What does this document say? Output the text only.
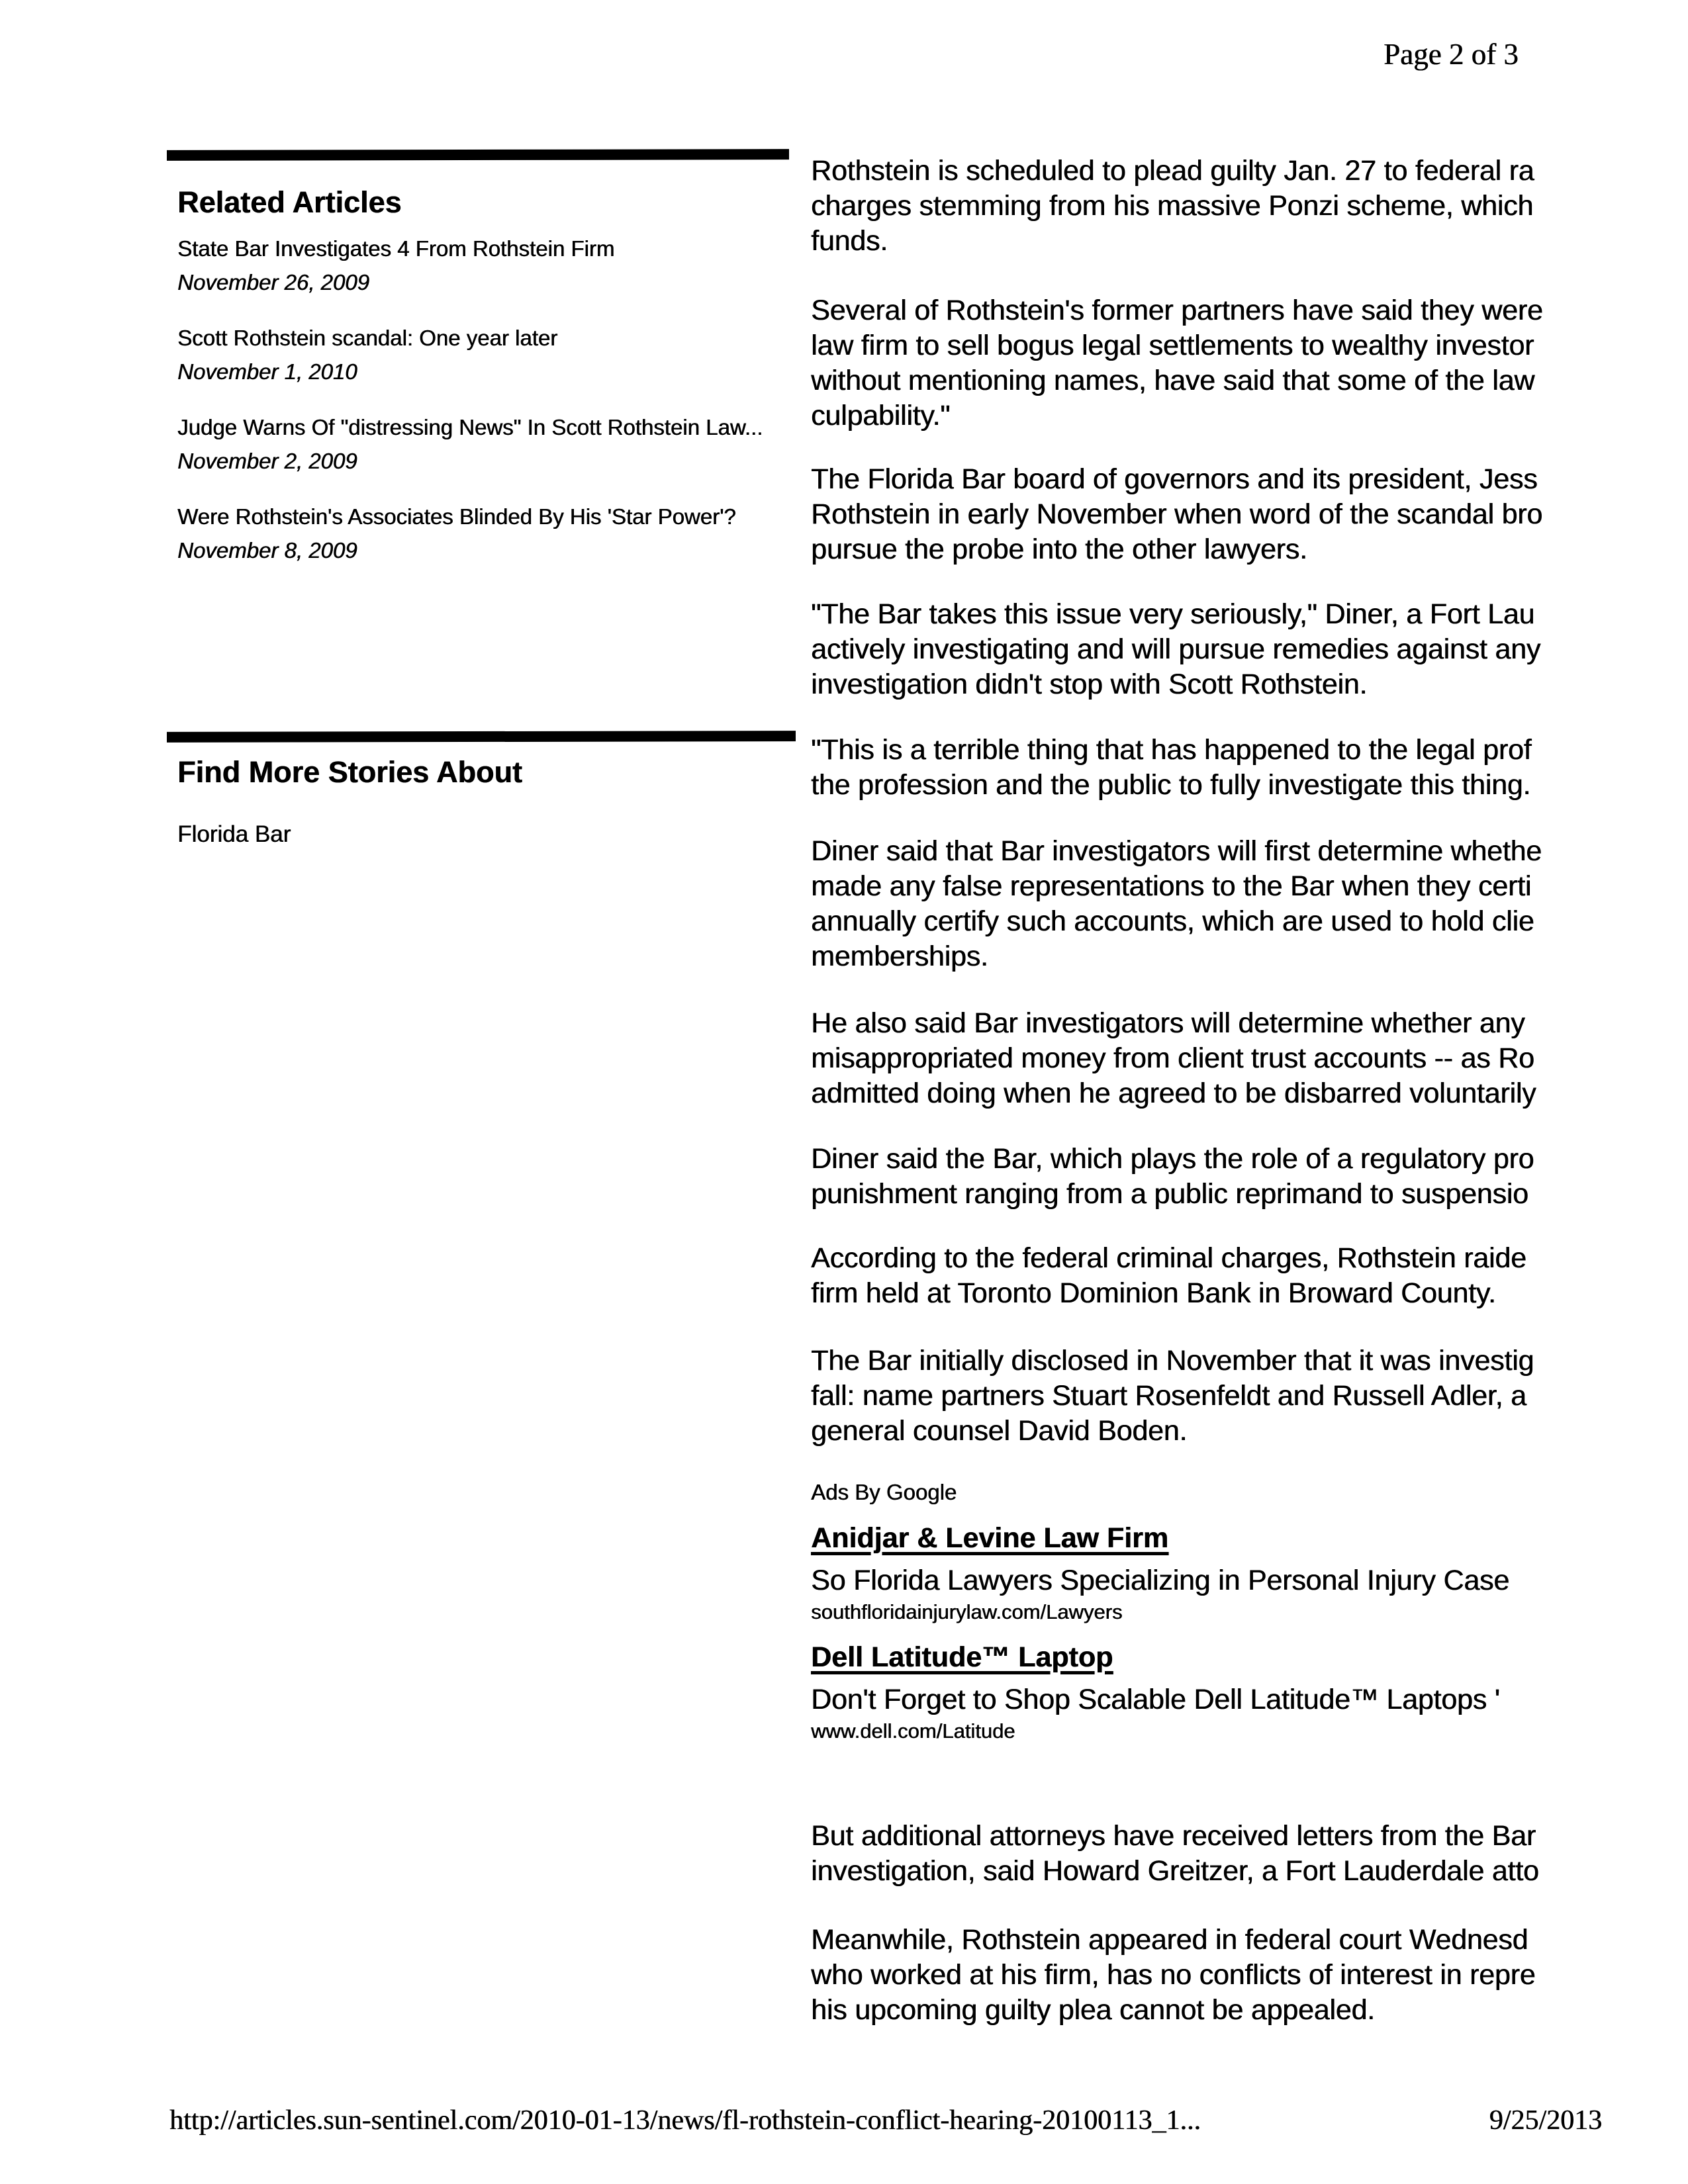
Page 2 of 3
Related Articles
State Bar Investigates 4 From Rothstein Firm
November 26, 2009
Scott Rothstein scandal: One year later
November 1, 2010
Judge Warns Of "distressing News" In Scott Rothstein Law...
November 2, 2009
Were Rothstein's Associates Blinded By His 'Star Power'?
November 8, 2009
Find More Stories About
Florida Bar
Rothstein is scheduled to plead guilty Jan. 27 to federal ra
charges stemming from his massive Ponzi scheme, which
funds.
Several of Rothstein's former partners have said they were
law firm to sell bogus legal settlements to wealthy investor
without mentioning names, have said that some of the law
culpability."
The Florida Bar board of governors and its president, Jess
Rothstein in early November when word of the scandal bro
pursue the probe into the other lawyers.
"The Bar takes this issue very seriously," Diner, a Fort Lau
actively investigating and will pursue remedies against any
investigation didn't stop with Scott Rothstein.
"This is a terrible thing that has happened to the legal prof
the profession and the public to fully investigate this thing.
Diner said that Bar investigators will first determine whethe
made any false representations to the Bar when they certi
annually certify such accounts, which are used to hold clie
memberships.
He also said Bar investigators will determine whether any
misappropriated money from client trust accounts -- as Ro
admitted doing when he agreed to be disbarred voluntarily
Diner said the Bar, which plays the role of a regulatory pro
punishment ranging from a public reprimand to suspensio
According to the federal criminal charges, Rothstein raide
firm held at Toronto Dominion Bank in Broward County.
The Bar initially disclosed in November that it was investig
fall: name partners Stuart Rosenfeldt and Russell Adler, a
general counsel David Boden.
Ads By Google
Anidjar & Levine Law Firm
So Florida Lawyers Specializing in Personal Injury Case
southfloridainjurylaw.com/Lawyers
Dell Latitude™ Laptop
Don't Forget to Shop Scalable Dell Latitude™ Laptops '
www.dell.com/Latitude
But additional attorneys have received letters from the Bar
investigation, said Howard Greitzer, a Fort Lauderdale atto
Meanwhile, Rothstein appeared in federal court Wednesd
who worked at his firm, has no conflicts of interest in repre
his upcoming guilty plea cannot be appealed.
http://articles.sun-sentinel.com/2010-01-13/news/fl-rothstein-conflict-hearing-20100113_1...	9/25/2013
